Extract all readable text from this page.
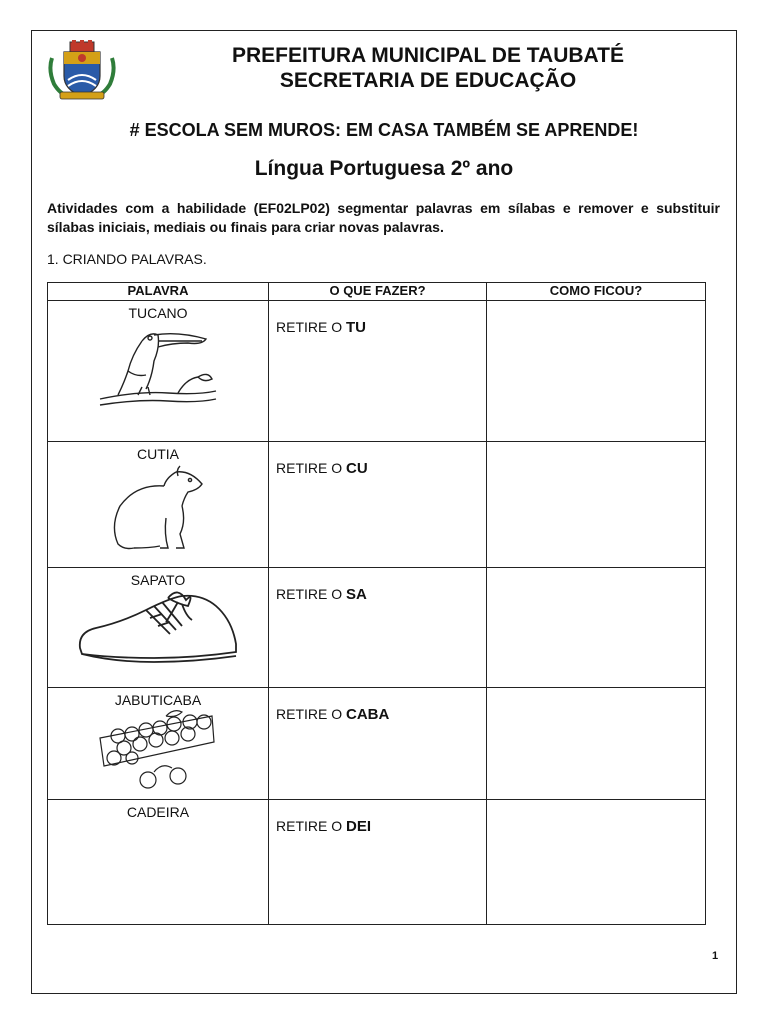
PREFEITURA MUNICIPAL DE TAUBATÉ
SECRETARIA DE EDUCAÇÃO
# ESCOLA SEM MUROS: EM CASA TAMBÉM SE APRENDE!
Língua Portuguesa 2º ano
Atividades com a habilidade (EF02LP02) segmentar palavras em sílabas e remover e substituir sílabas iniciais, mediais ou finais para criar novas palavras.
1. CRIANDO PALAVRAS.
PALAVRA	O QUE FAZER?	COMO FICOU?

TUCANO	RETIRE O TU	

CUTIA	RETIRE O CU	

SAPATO	RETIRE O SA	

JABUTICABA	RETIRE O CABA	

CADEIRA	RETIRE O DEI	

1
